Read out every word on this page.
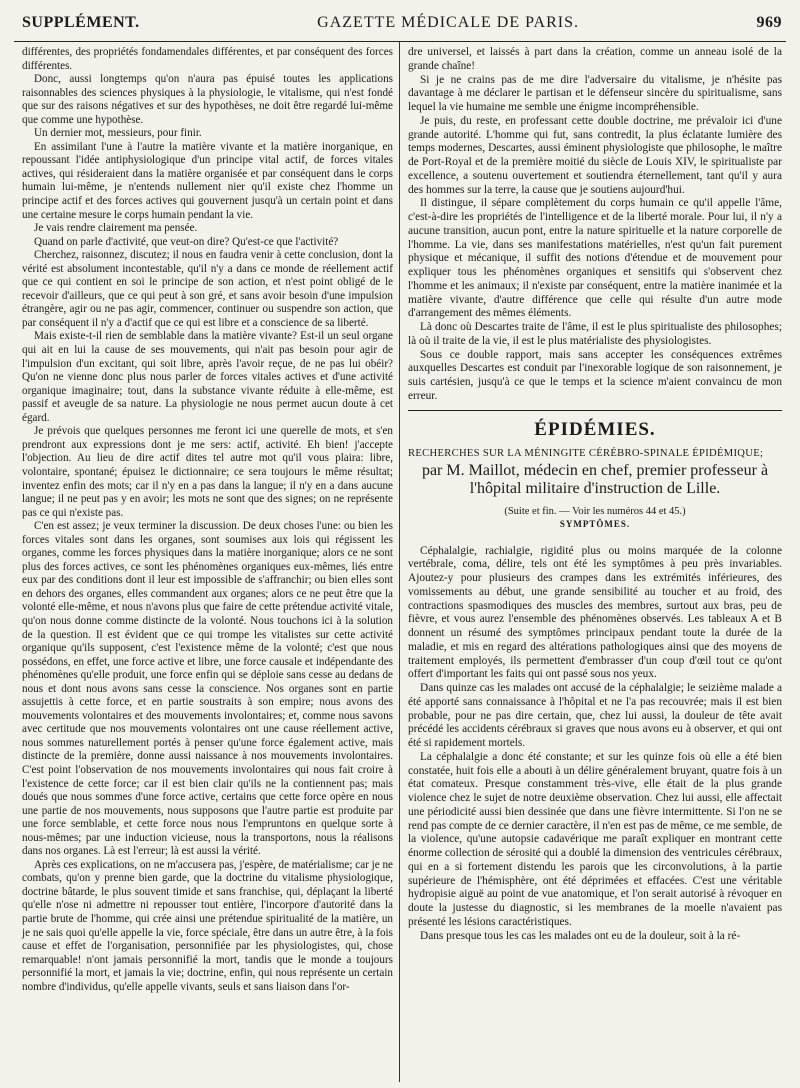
SUPPLÉMENT.	GAZETTE MÉDICALE DE PARIS.	969

différentes, des propriétés fondamendales différentes, et par conséquent des forces différentes.

Donc, aussi longtemps qu'on n'aura pas épuisé toutes les applications raisonnables des sciences physiques à la physiologie, le vitalisme, qui n'est fondé que sur des raisons négatives et sur des hypothèses, ne doit être regardé lui-même que comme une hypothèse.

Un dernier mot, messieurs, pour finir.

En assimilant l'une à l'autre la matière vivante et la matière inorganique, en repoussant l'idée antiphysiologique d'un principe vital actif, de forces vitales actives, qui résideraient dans la matière organisée et par conséquent dans le corps humain lui-même, je n'entends nullement nier qu'il existe chez l'homme un principe actif et des forces actives qui gouvernent jusqu'à un certain point et dans une certaine mesure le corps humain pendant la vie.

Je vais rendre clairement ma pensée.

Quand on parle d'activité, que veut-on dire? Qu'est-ce que l'activité?

Cherchez, raisonnez, discutez; il nous en faudra venir à cette conclusion, dont la vérité est absolument incontestable, qu'il n'y a dans ce monde de réellement actif que ce qui contient en soi le principe de son action, et n'est point obligé de le recevoir d'ailleurs, que ce qui peut à son gré, et sans avoir besoin d'une impulsion étrangère, agir ou ne pas agir, commencer, continuer ou suspendre son action, que par conséquent il n'y a d'actif que ce qui est libre et a conscience de sa liberté.

Mais existe-t-il rien de semblable dans la matière vivante? Est-il un seul organe qui ait en lui la cause de ses mouvements, qui n'ait pas besoin pour agir de l'impulsion d'un excitant, qui soit libre, après l'avoir reçue, de ne pas lui obéir? Qu'on ne vienne donc plus nous parler de forces vitales actives et d'une activité organique imaginaire; tout, dans la substance vivante réduite à elle-même, est passif et aveugle de sa nature. La physiologie ne nous permet aucun doute à cet égard.

Je prévois que quelques personnes me feront ici une querelle de mots, et s'en prendront aux expressions dont je me sers: actif, activité. Eh bien! j'accepte l'objection. Au lieu de dire actif dites tel autre mot qu'il vous plaira: libre, volontaire, spontané; épuisez le dictionnaire; ce sera toujours le même résultat; inventez enfin des mots; car il n'y en a pas dans la langue; il n'y en a dans aucune langue; il ne peut pas y en avoir; les mots ne sont que des signes; on ne représente pas ce qui n'existe pas.

C'en est assez; je veux terminer la discussion. De deux choses l'une: ou bien les forces vitales sont dans les organes, sont soumises aux lois qui régissent les organes, comme les forces physiques dans la matière inorganique; alors ce ne sont plus des forces actives, ce sont les phénomènes organiques eux-mêmes, liés entre eux par des conditions dont il leur est impossible de s'affranchir; ou bien elles sont en dehors des organes, elles commandent aux organes; alors ce ne peut être que la volonté elle-même, et nous n'avons plus que faire de cette prétendue activité vitale, qu'on nous donne comme distincte de la volonté. Nous touchons ici à la solution de la question. Il est évident que ce qui trompe les vitalistes sur cette activité organique qu'ils supposent, c'est l'existence même de la volonté; c'est que nous possédons, en effet, une force active et libre, une force causale et indépendante des phénomènes qu'elle produit, une force enfin qui se déploie sans cesse au dedans de nous et dont nous avons sans cesse la conscience. Nos organes sont en partie assujettis à cette force, et en partie soustraits à son empire; nous avons des mouvements volontaires et des mouvements involontaires; et, comme nous savons avec certitude que nos mouvements volontaires ont une cause réellement active, nous sommes naturellement portés à penser qu'une force également active, mais distincte de la première, donne aussi naissance à nos mouvements involontaires. C'est point l'observation de nos mouvements involontaires qui nous fait croire à l'existence de cette force; car il est bien clair qu'ils ne la contiennent pas; mais doués que nous sommes d'une force active, certains que cette force opère en nous une partie de nos mouvements, nous supposons que l'autre partie est produite par une force semblable, et cette force nous nous l'empruntons en quelque sorte à nous-mêmes; par une induction vicieuse, nous la transportons, nous la réalisons dans nos organes. Là est l'erreur; là est aussi la vérité.

Après ces explications, on ne m'accusera pas, j'espère, de matérialisme; car je ne combats, qu'on y prenne bien garde, que la doctrine du vitalisme physiologique, doctrine bâtarde, le plus souvent timide et sans franchise, qui, déplaçant la liberté qu'elle n'ose ni admettre ni repousser tout entière, l'incorpore d'autorité dans la partie brute de l'homme, qui crée ainsi une prétendue spiritualité de la matière, un je ne sais quoi qu'elle appelle la vie, force spéciale, être dans un autre être, à la fois cause et effet de l'organisation, personnifiée par les physiologistes, qui, chose remarquable! n'ont jamais personnifié la mort, tandis que le monde a toujours personnifié la mort, et jamais la vie; doctrine, enfin, qui nous représente un certain nombre d'individus, qu'elle appelle vivants, seuls et sans liaison dans l'or-

dre universel, et laissés à part dans la création, comme un anneau isolé de la grande chaîne!

Si je ne crains pas de me dire l'adversaire du vitalisme, je n'hésite pas davantage à me déclarer le partisan et le défenseur sincère du spiritualisme, sans lequel la vie humaine me semble une énigme incompréhensible.

Je puis, du reste, en professant cette double doctrine, me prévaloir ici d'une grande autorité. L'homme qui fut, sans contredit, la plus éclatante lumière des temps modernes, Descartes, aussi éminent physiologiste que philosophe, le maître de Port-Royal et de la première moitié du siècle de Louis XIV, le spiritualiste par excellence, a soutenu ouvertement et soutiendra éternellement, tant qu'il y aura des hommes sur la terre, la cause que je soutiens aujourd'hui.

Il distingue, il sépare complètement du corps humain ce qu'il appelle l'âme, c'est-à-dire les propriétés de l'intelligence et de la liberté morale. Pour lui, il n'y a aucune transition, aucun pont, entre la nature spirituelle et la nature corporelle de l'homme. La vie, dans ses manifestations matérielles, n'est qu'un fait purement physique et mécanique, il suffit des notions d'étendue et de mouvement pour expliquer tous les phénomènes organiques et sensitifs qui s'observent chez l'homme et les animaux; il n'existe par conséquent, entre la matière inanimée et la matière vivante, d'autre différence que celle qui résulte d'un autre mode d'arrangement des mêmes éléments.

Là donc où Descartes traite de l'âme, il est le plus spiritualiste des philosophes; là où il traite de la vie, il est le plus matérialiste des physiologistes.

Sous ce double rapport, mais sans accepter les conséquences extrêmes auxquelles Descartes est conduit par l'inexorable logique de son raisonnement, je suis cartésien, jusqu'à ce que le temps et la science m'aient convaincu de mon erreur.

ÉPIDÉMIES.
RECHERCHES SUR LA MÉNINGITE CÉRÉBRO-SPINALE ÉPIDÉMIQUE;
par M. Maillot, médecin en chef, premier professeur à l'hôpital militaire d'instruction de Lille.
(Suite et fin. — Voir les numéros 44 et 45.)
SYMPTÔMES.

Céphalalgie, rachialgie, rigidité plus ou moins marquée de la colonne vertébrale, coma, délire, tels ont été les symptômes à peu près invariables. Ajoutez-y pour plusieurs des crampes dans les extrémités inférieures, des vomissements au début, une grande sensibilité au toucher et au froid, des contractions spasmodiques des muscles des membres, surtout aux bras, peu de fièvre, et vous aurez l'ensemble des phénomènes observés. Les tableaux A et B donnent un résumé des symptômes principaux pendant toute la durée de la maladie, et mis en regard des altérations pathologiques ainsi que des moyens de traitement employés, ils permettent d'embrasser d'un coup d'œil tout ce qu'ont offert d'important les faits qui ont passé sous nos yeux.

Dans quinze cas les malades ont accusé de la céphalalgie; le seizième malade a été apporté sans connaissance à l'hôpital et ne l'a pas recouvrée; mais il est bien probable, pour ne pas dire certain, que, chez lui aussi, la douleur de tête avait précédé les accidents cérébraux si graves que nous avons eu à observer, et qui ont été si rapidement mortels.

La céphalalgie a donc été constante; et sur les quinze fois où elle a été bien constatée, huit fois elle a abouti à un délire généralement bruyant, quatre fois à un état comateux. Presque constamment très-vive, elle était de la plus grande violence chez le sujet de notre deuxième observation. Chez lui aussi, elle affectait une périodicité aussi bien dessinée que dans une fièvre intermittente. Si l'on ne se rend pas compte de ce dernier caractère, il n'en est pas de même, ce me semble, de la violence, qu'une autopsie cadavérique me paraît expliquer en montrant cette énorme collection de sérosité qui a doublé la dimension des ventricules cérébraux, qui en a si fortement distendu les parois que les circonvolutions, à la partie supérieure de l'hémisphère, ont été déprimées et effacées. C'est une véritable hydropisie aiguë au point de vue anatomique, et l'on serait autorisé à révoquer en doute la justesse du diagnostic, si les membranes de la moelle n'avaient pas présenté les lésions caractéristiques.

Dans presque tous les cas les malades ont eu de la douleur, soit à la ré-
